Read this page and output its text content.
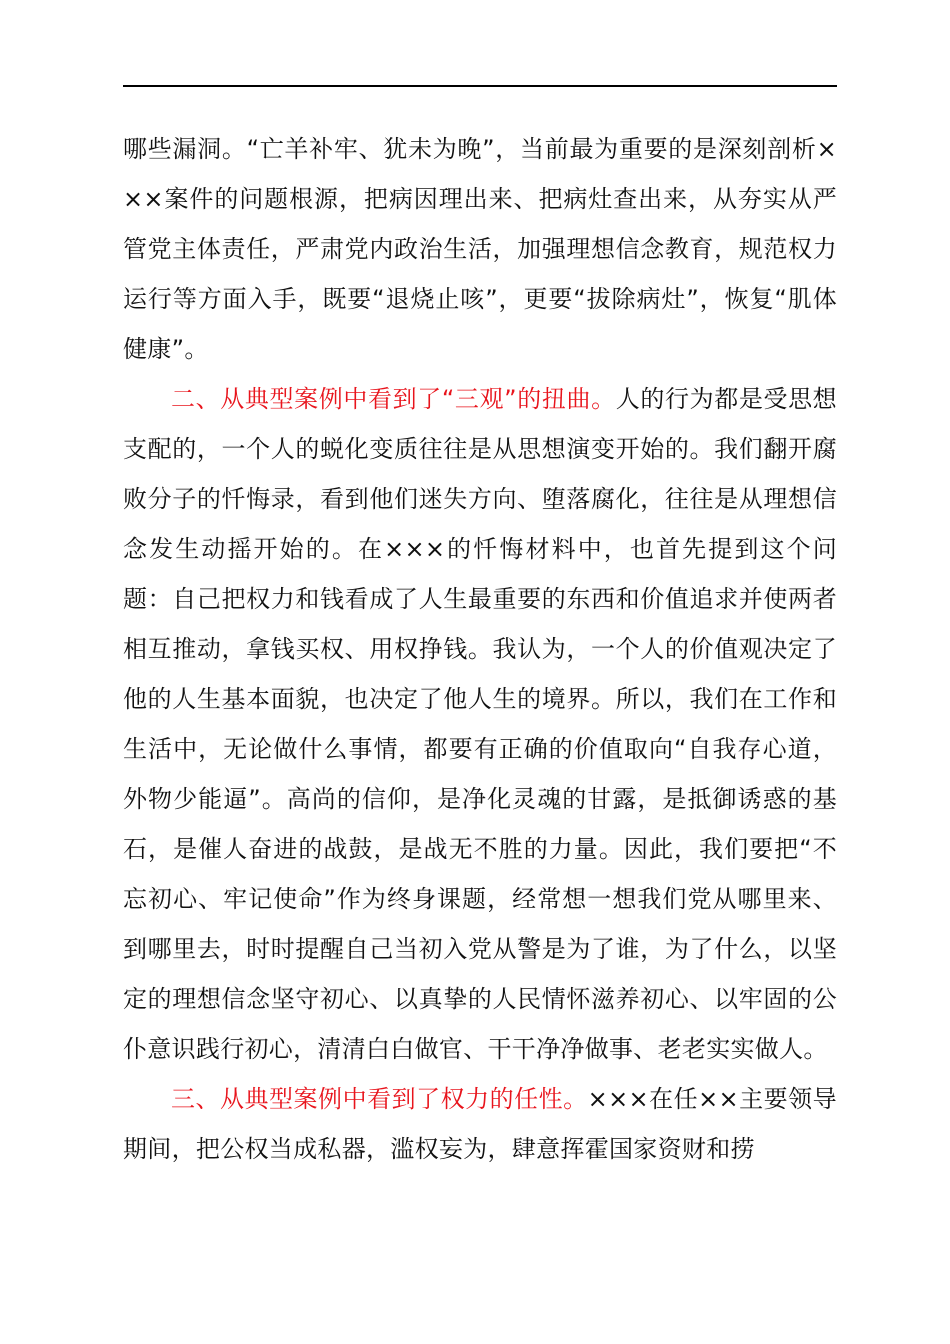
哪些漏洞。“亡羊补牢、犹未为晚”，当前最为重要的是深刻剖析×××案件的问题根源，把病因理出来、把病灶查出来，从夯实从严管党主体责任，严肃党内政治生活，加强理想信念教育，规范权力运行等方面入手，既要“退烧止咳”，更要“拔除病灶”，恢复“肌体健康”。

二、从典型案例中看到了“三观”的扭曲。人的行为都是受思想支配的，一个人的蜕化变质往往是从思想演变开始的。我们翻开腐败分子的忏悔录，看到他们迷失方向、堕落腐化，往往是从理想信念发生动摇开始的。在×××的忏悔材料中，也首先提到这个问题：自己把权力和钱看成了人生最重要的东西和价值追求并使两者相互推动，拿钱买权、用权挣钱。我认为，一个人的价值观决定了他的人生基本面貌，也决定了他人生的境界。所以，我们在工作和生活中，无论做什么事情，都要有正确的价值取向“自我存心道，外物少能逼”。高尚的信仰，是净化灵魂的甘露，是抵御诱惑的基石，是催人奋进的战鼓，是战无不胜的力量。因此，我们要把“不忘初心、牢记使命”作为终身课题，经常想一想我们党从哪里来、到哪里去，时时提醒自己当初入党从警是为了谁，为了什么，以坚定的理想信念坚守初心、以真挚的人民情怀滋养初心、以牢固的公仆意识践行初心，清清白白做官、干干净净做事、老老实实做人。

三、从典型案例中看到了权力的任性。×××在任××主要领导期间，把公权当成私器，滥权妄为，肆意挥霍国家资财和捞
